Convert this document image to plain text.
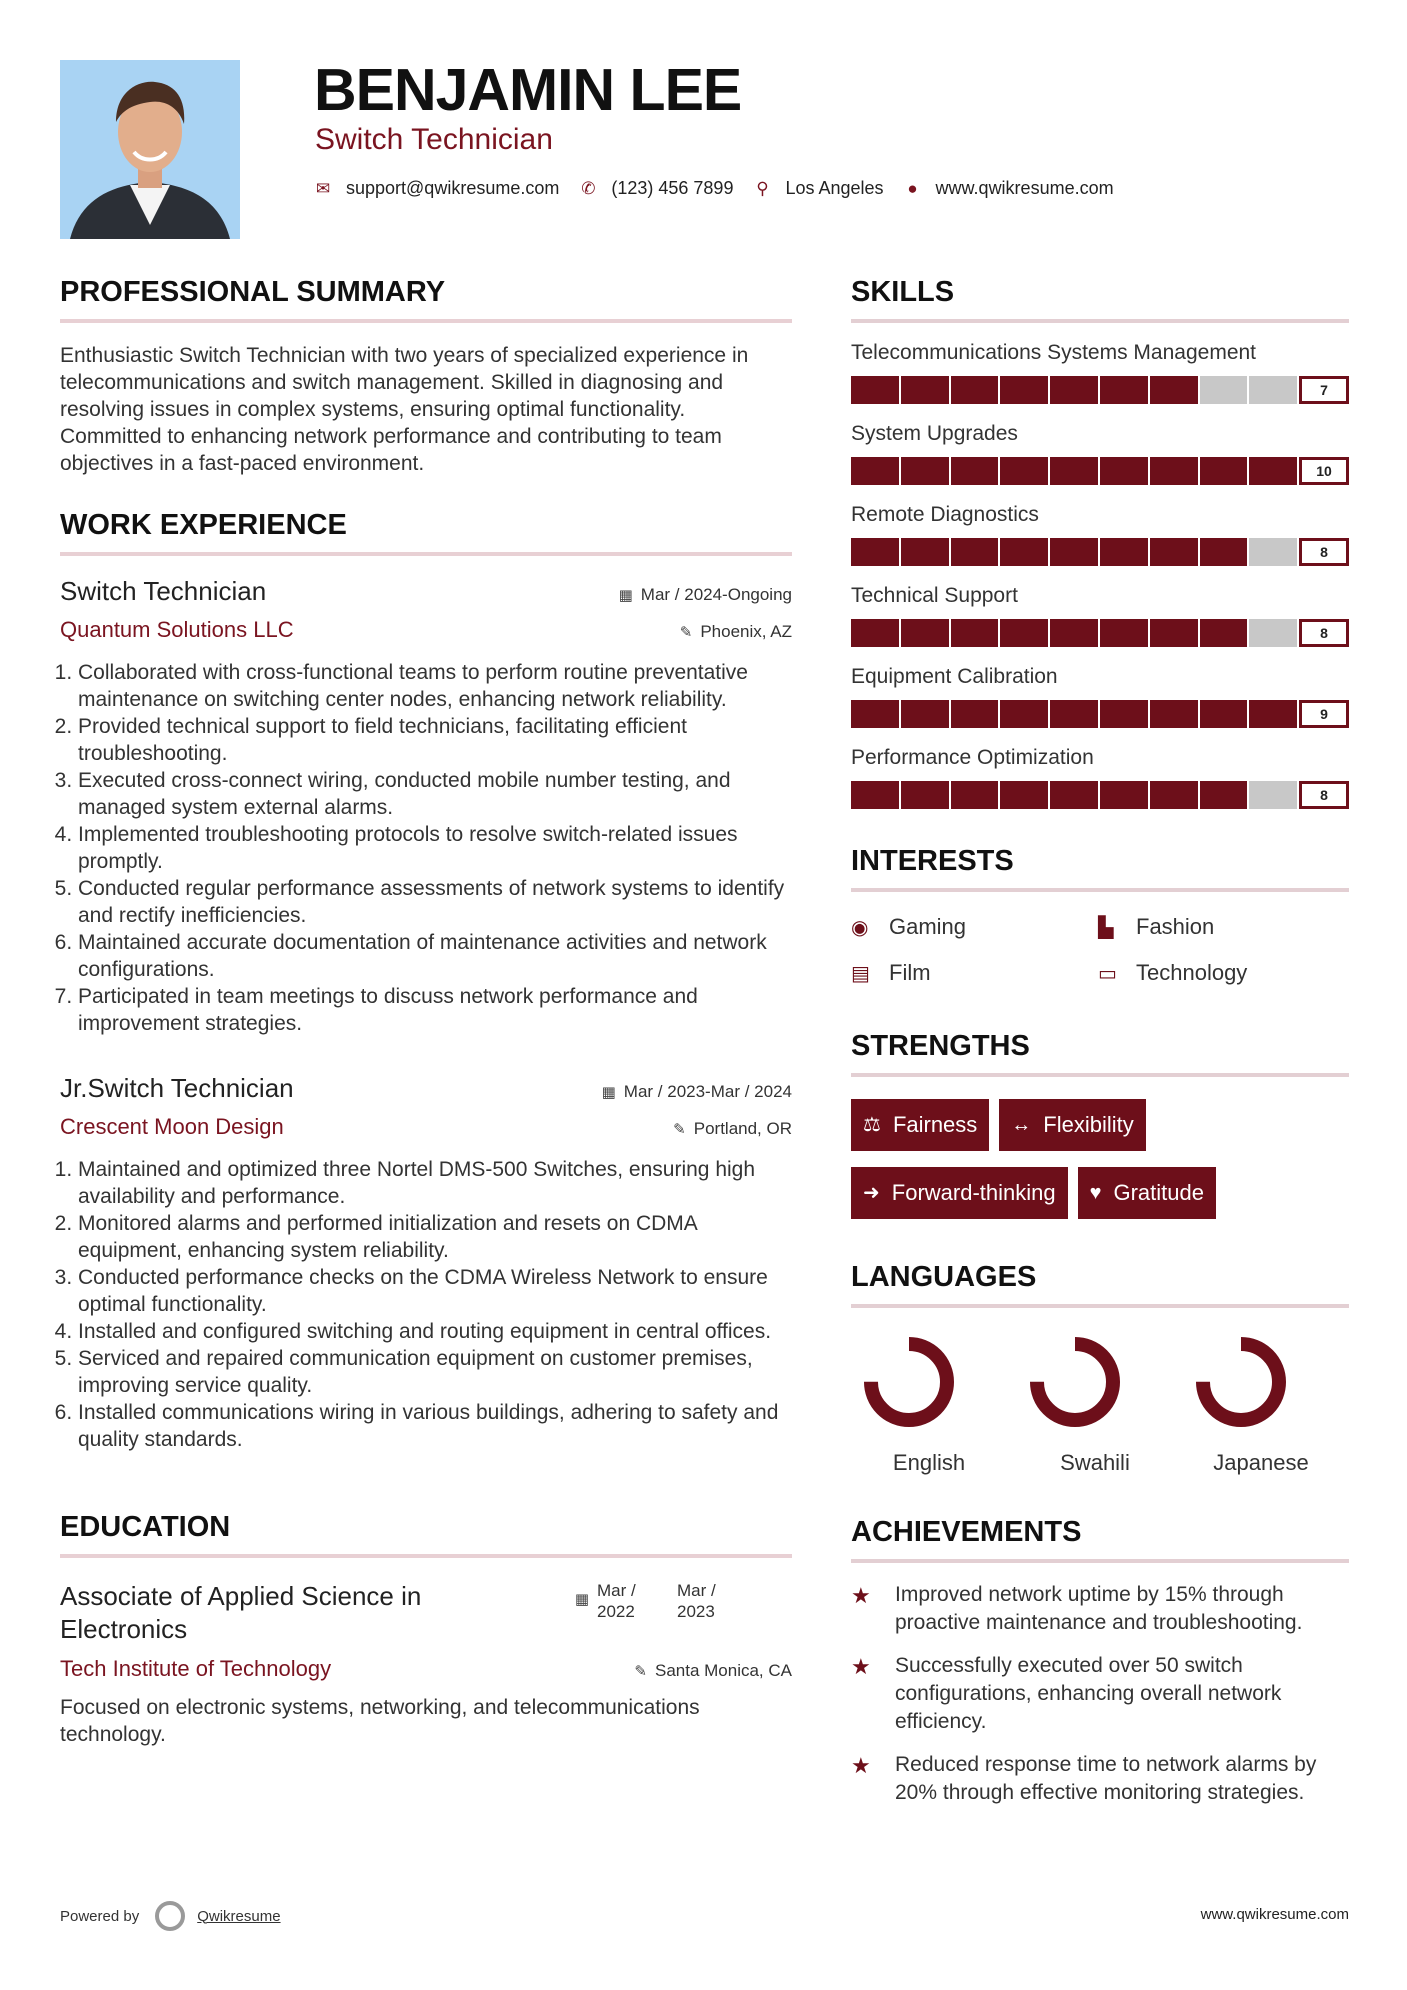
BENJAMIN LEE
Switch Technician
✉ support@qwikresume.com ✆ (123) 456 7899 ⚲ Los Angeles ● www.qwikresume.com
PROFESSIONAL SUMMARY

Enthusiastic Switch Technician with two years of specialized experience in telecommunications and switch management. Skilled in diagnosing and resolving issues in complex systems, ensuring optimal functionality. Committed to enhancing network performance and contributing to team objectives in a fast-paced environment.

WORK EXPERIENCE
Switch Technician	▦ Mar / 2024-Ongoing
Quantum Solutions LLC	✎ Phoenix, AZ
1. Collaborated with cross-functional teams to perform routine preventative maintenance on switching center nodes, enhancing network reliability.
2. Provided technical support to field technicians, facilitating efficient troubleshooting.
3. Executed cross-connect wiring, conducted mobile number testing, and managed system external alarms.
4. Implemented troubleshooting protocols to resolve switch-related issues promptly.
5. Conducted regular performance assessments of network systems to identify and rectify inefficiencies.
6. Maintained accurate documentation of maintenance activities and network configurations.
7. Participated in team meetings to discuss network performance and improvement strategies.
Jr.Switch Technician	▦ Mar / 2023-Mar / 2024
Crescent Moon Design	✎ Portland, OR
1. Maintained and optimized three Nortel DMS-500 Switches, ensuring high availability and performance.
2. Monitored alarms and performed initialization and resets on CDMA equipment, enhancing system reliability.
3. Conducted performance checks on the CDMA Wireless Network to ensure optimal functionality.
4. Installed and configured switching and routing equipment in central offices.
5. Serviced and repaired communication equipment on customer premises, improving service quality.
6. Installed communications wiring in various buildings, adhering to safety and quality standards.
EDUCATION
Associate of Applied Science in Electronics
▦ Mar / 2022
Mar / 2023
Tech Institute of Technology	✎ Santa Monica, CA

Focused on electronic systems, networking, and telecommunications technology.

SKILLS
Telecommunications Systems Management
7
System Upgrades
10
Remote Diagnostics
8
Technical Support
8
Equipment Calibration
9
Performance Optimization
8
INTERESTS
◉ Gaming	▙	Fashion
▤ Film	▭ Technology
STRENGTHS
⚖ Fairness ↔ Flexibility
➜ Forward-thinking ♥ Gratitude
LANGUAGES
English	Swahili	Japanese
ACHIEVEMENTS
★	Improved network uptime by 15% through proactive maintenance and troubleshooting.
★	Successfully executed over 50 switch configurations, enhancing overall network efficiency.
★	Reduced response time to network alarms by 20% through effective monitoring strategies.
Powered by	Qwikresume	www.qwikresume.com
